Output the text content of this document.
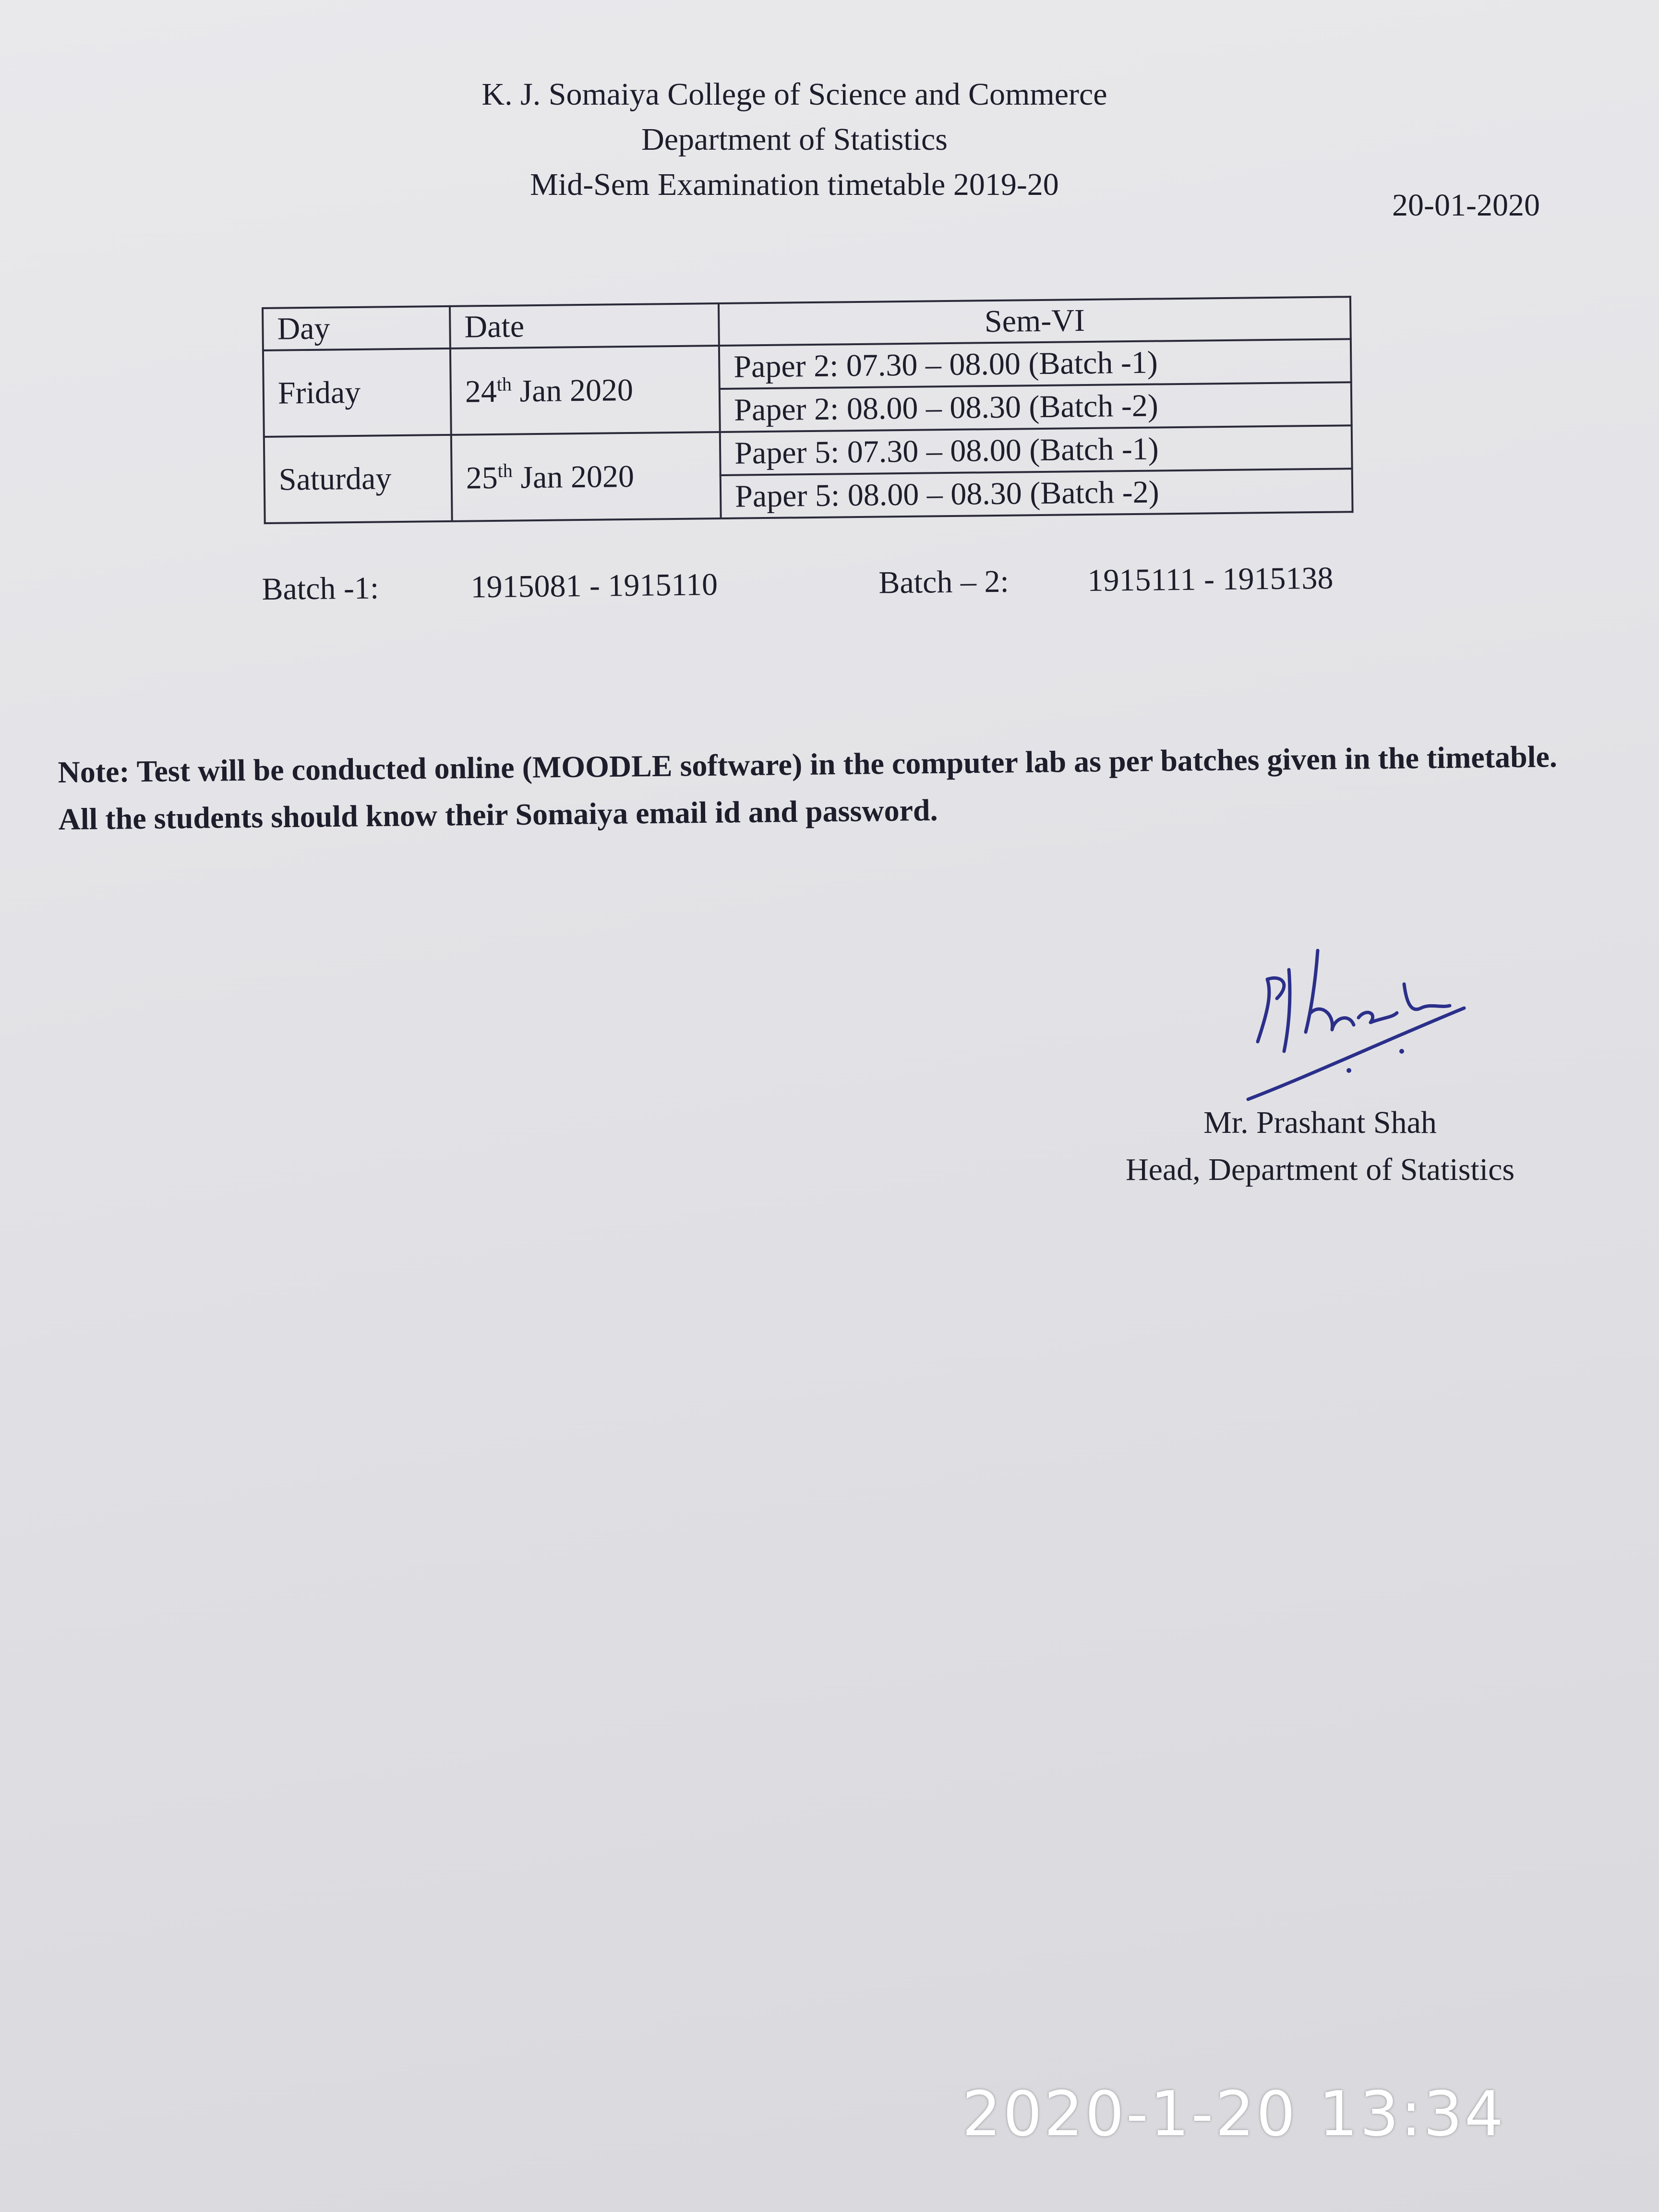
K. J. Somaiya College of Science and Commerce
Department of Statistics
Mid-Sem Examination timetable 2019-20
20-01-2020
Day	Date	Sem-VI
Friday	24th Jan 2020	Paper 2: 07.30 – 08.00 (Batch -1)
		Paper 2: 08.00 – 08.30 (Batch -2)
Saturday	25th Jan 2020	Paper 5: 07.30 – 08.00 (Batch -1)
		Paper 5: 08.00 – 08.30 (Batch -2)
Batch -1:	1915081 - 1915110	Batch – 2: 1915111 - 1915138
Note: Test will be conducted online (MOODLE software) in the computer lab as per batches given in the timetable. All the students should know their Somaiya email id and password.
Mr. Prashant Shah
Head, Department of Statistics
2020-1-20 13:34
